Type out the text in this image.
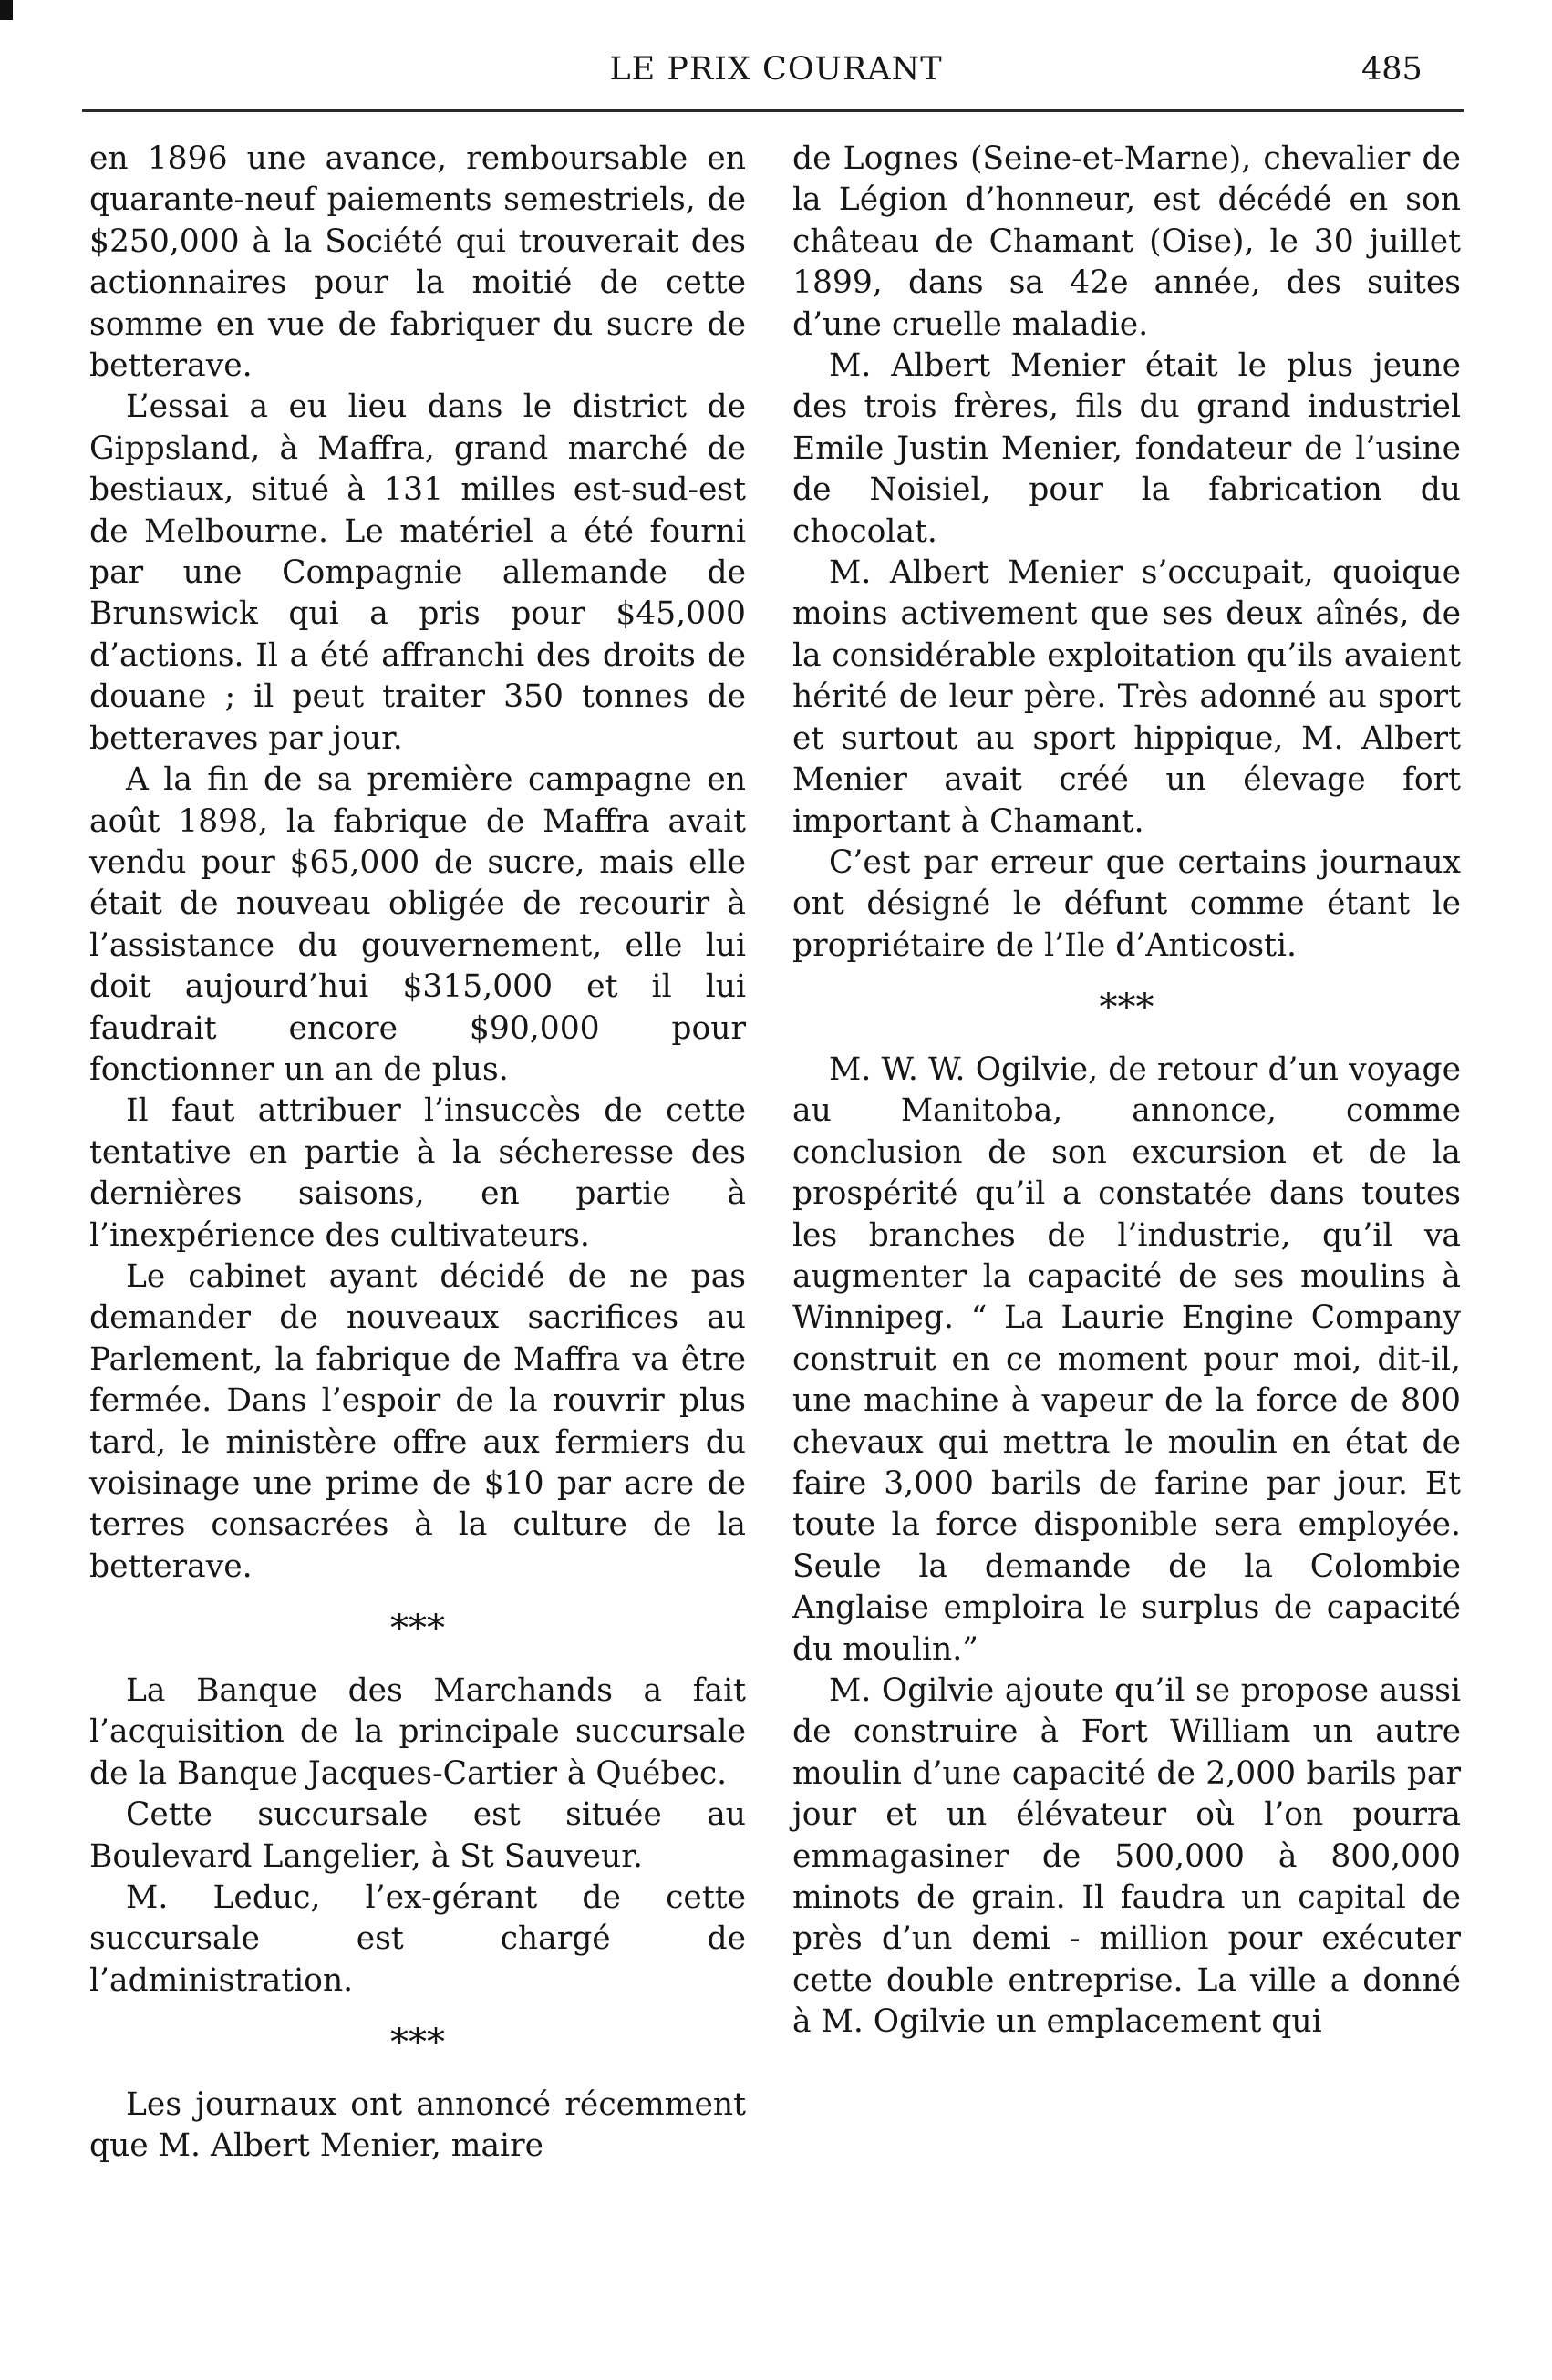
LE PRIX COURANT	485

en 1896 une avance, remboursable en quarante-neuf paiements semestriels, de $250,000 à la Société qui trouverait des actionnaires pour la moitié de cette somme en vue de fabriquer du sucre de betterave.

L’essai a eu lieu dans le district de Gippsland, à Maffra, grand marché de bestiaux, situé à 131 milles est-sud-est de Melbourne. Le matériel a été fourni par une Compagnie allemande de Brunswick qui a pris pour $45,000 d’actions. Il a été affranchi des droits de douane ; il peut traiter 350 tonnes de betteraves par jour.

A la fin de sa première campagne en août 1898, la fabrique de Maffra avait vendu pour $65,000 de sucre, mais elle était de nouveau obligée de recourir à l’assistance du gouvernement, elle lui doit aujourd’hui $315,000 et il lui faudrait encore $90,000 pour fonctionner un an de plus.

Il faut attribuer l’insuccès de cette tentative en partie à la sécheresse des dernières saisons, en partie à l’inexpérience des cultivateurs.

Le cabinet ayant décidé de ne pas demander de nouveaux sacrifices au Parlement, la fabrique de Maffra va être fermée. Dans l’espoir de la rouvrir plus tard, le ministère offre aux fermiers du voisinage une prime de $10 par acre de terres consacrées à la culture de la betterave.

***

La Banque des Marchands a fait l’acquisition de la principale succursale de la Banque Jacques-Cartier à Québec.

Cette succursale est située au Boulevard Langelier, à St Sauveur.

M. Leduc, l’ex-gérant de cette succursale est chargé de l’administration.

***

Les journaux ont annoncé récemment que M. Albert Menier, maire

de Lognes (Seine-et-Marne), chevalier de la Légion d’honneur, est décédé en son château de Chamant (Oise), le 30 juillet 1899, dans sa 42e année, des suites d’une cruelle maladie.

M. Albert Menier était le plus jeune des trois frères, fils du grand industriel Emile Justin Menier, fondateur de l’usine de Noisiel, pour la fabrication du chocolat.

M. Albert Menier s’occupait, quoique moins activement que ses deux aînés, de la considérable exploitation qu’ils avaient hérité de leur père. Très adonné au sport et surtout au sport hippique, M. Albert Menier avait créé un élevage fort important à Chamant.

C’est par erreur que certains journaux ont désigné le défunt comme étant le propriétaire de l’Ile d’Anticosti.

***

M. W. W. Ogilvie, de retour d’un voyage au Manitoba, annonce, comme conclusion de son excursion et de la prospérité qu’il a constatée dans toutes les branches de l’industrie, qu’il va augmenter la capacité de ses moulins à Winnipeg. “ La Laurie Engine Company construit en ce moment pour moi, dit-il, une machine à vapeur de la force de 800 chevaux qui mettra le moulin en état de faire 3,000 barils de farine par jour. Et toute la force disponible sera employée. Seule la demande de la Colombie Anglaise emploira le surplus de capacité du moulin.”

M. Ogilvie ajoute qu’il se propose aussi de construire à Fort William un autre moulin d’une capacité de 2,000 barils par jour et un élévateur où l’on pourra emmagasiner de 500,000 à 800,000 minots de grain. Il faudra un capital de près d’un demi - million pour exécuter cette double entreprise. La ville a donné à M. Ogilvie un emplacement qui
